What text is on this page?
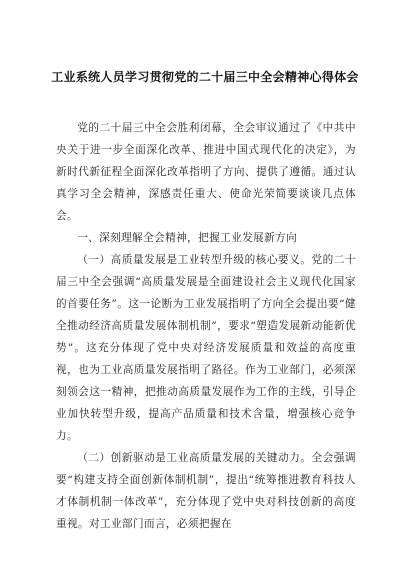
工业系统人员学习贯彻党的二十届三中全会精神心得体会

党的二十届三中全会胜利闭幕，全会审议通过了《中共中央关于进一步全面深化改革、推进中国式现代化的决定》，为新时代新征程全面深化改革指明了方向、提供了遵循。通过认真学习全会精神，深感责任重大、使命光荣简要谈谈几点体会。

一、深刻理解全会精神，把握工业发展新方向

（一）高质量发展是工业转型升级的核心要义。党的二十届三中全会强调“高质量发展是全面建设社会主义现代化国家的首要任务”。这一论断为工业发展指明了方向全会提出要“健全推动经济高质量发展体制机制”，要求“塑造发展新动能新优势”。这充分体现了党中央对经济发展质量和效益的高度重视，也为工业高质量发展指明了路径。作为工业部门，必须深刻领会这一精神，把推动高质量发展作为工作的主线，引导企业加快转型升级，提高产品质量和技术含量，增强核心竞争力。

（二）创新驱动是工业高质量发展的关键动力。全会强调要“构建支持全面创新体制机制”，提出“统筹推进教育科技人才体制机制一体改革”，充分体现了党中央对科技创新的高度重视。对工业部门而言，必须把握在
